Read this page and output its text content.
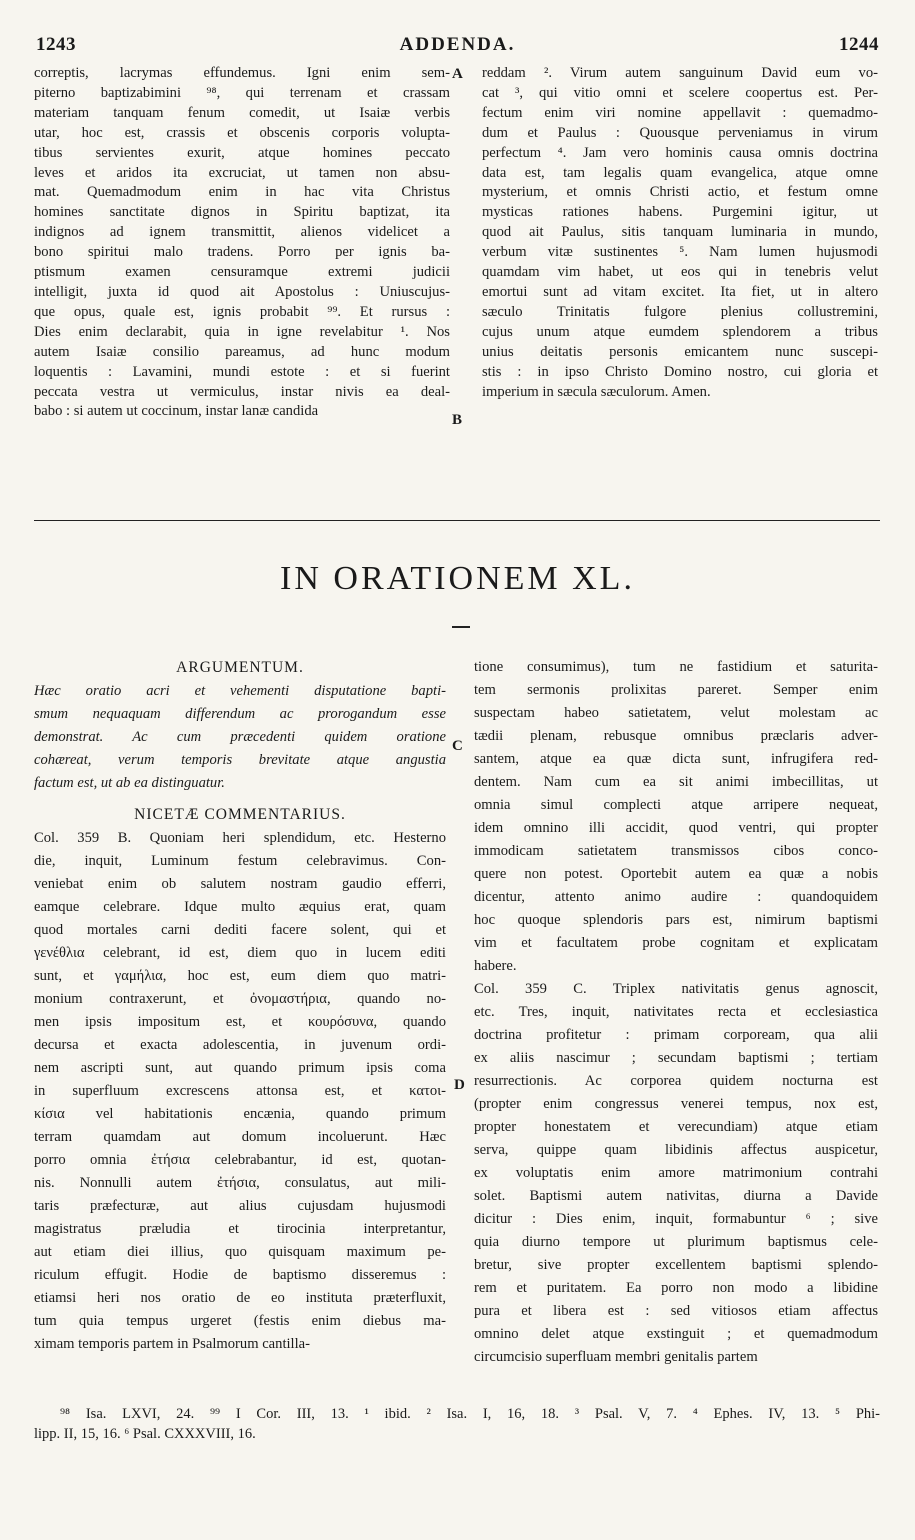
1243	ADDENDA.	1244
correptis, lacrymas effundemus. Igni enim sem-
piterno baptizabimini ⁹⁸, qui terrenam et crassam
materiam tanquam fenum comedit, ut Isaiæ verbis
utar, hoc est, crassis et obscenis corporis volupta-
tibus servientes exurit, atque homines peccato
leves et aridos ita excruciat, ut tamen non absu-
mat. Quemadmodum enim in hac vita Christus
homines sanctitate dignos in Spiritu baptizat, ita
indignos ad ignem transmittit, alienos videlicet a
bono spiritui malo tradens. Porro per ignis ba-
ptismum examen censuramque extremi judicii
intelligit, juxta id quod ait Apostolus : Uniuscujus-
que opus, quale est, ignis probabit ⁹⁹. Et rursus :
Dies enim declarabit, quia in igne revelabitur ¹. Nos
autem Isaiæ consilio pareamus, ad hunc modum
loquentis : Lavamini, mundi estote : et si fuerint
peccata vestra ut vermiculus, instar nivis ea deal-
babo : si autem ut coccinum, instar lanæ candida
reddam ². Virum autem sanguinum David eum vo-
cat ³, qui vitio omni et scelere coopertus est. Per-
fectum enim viri nomine appellavit : quemadmo-
dum et Paulus : Quousque perveniamus in virum
perfectum ⁴. Jam vero hominis causa omnis doctrina
data est, tam legalis quam evangelica, atque omne
mysterium, et omnis Christi actio, et festum omne
mysticas rationes habens. Purgemini igitur, ut
quod ait Paulus, sitis tanquam luminaria in mundo,
verbum vitæ sustinentes ⁵. Nam lumen hujusmodi
quamdam vim habet, ut eos qui in tenebris velut
emortui sunt ad vitam excitet. Ita fiet, ut in altero
sæculo Trinitatis fulgore plenius collustremini,
cujus unum atque eumdem splendorem a tribus
unius deitatis personis emicantem nunc suscepi-
stis : in ipso Christo Domino nostro, cui gloria et
imperium in sæcula sæculorum. Amen.
A
B
IN ORATIONEM XL.
ARGUMENTUM.
Hæc oratio acri et vehementi disputatione bapti-
smum nequaquam differendum ac prorogandum esse
demonstrat. Ac cum præcedenti quidem oratione
cohæreat, verum temporis brevitate atque angustia
factum est, ut ab ea distinguatur.
NICETÆ COMMENTARIUS.
Col. 359 B. Quoniam heri splendidum, etc. Hesterno
die, inquit, Luminum festum celebravimus. Con-
veniebat enim ob salutem nostram gaudio efferri,
eamque celebrare. Idque multo æquius erat, quam
quod mortales carni dediti facere solent, qui et
γενέθλια celebrant, id est, diem quo in lucem editi
sunt, et γαμήλια, hoc est, eum diem quo matri-
monium contraxerunt, et ὀνομαστήρια, quando no-
men ipsis impositum est, et κουρόσυνα, quando
decursa et exacta adolescentia, in juvenum ordi-
nem ascripti sunt, aut quando primum ipsis coma
in superfluum excrescens attonsa est, et κατοι-
κίσια vel habitationis encænia, quando primum
terram quamdam aut domum incoluerunt. Hæc
porro omnia ἐτήσια celebrabantur, id est, quotan-
nis. Nonnulli autem ἐτήσια, consulatus, aut mili-
taris præfecturæ, aut alius cujusdam hujusmodi
magistratus præludia et tirocinia interpretantur,
aut etiam diei illius, quo quisquam maximum pe-
riculum effugit. Hodie de baptismo disseremus :
etiamsi heri nos oratio de eo instituta præterfluxit,
tum quia tempus urgeret (festis enim diebus ma-
ximam temporis partem in Psalmorum cantilla-
C
D
tione consumimus), tum ne fastidium et saturita-
tem sermonis prolixitas pareret. Semper enim
suspectam habeo satietatem, velut molestam ac
tædii plenam, rebusque omnibus præclaris adver-
santem, atque ea quæ dicta sunt, infrugifera red-
dentem. Nam cum ea sit animi imbecillitas, ut
omnia simul complecti atque arripere nequeat,
idem omnino illi accidit, quod ventri, qui propter
immodicam satietatem transmissos cibos conco-
quere non potest. Oportebit autem ea quæ a nobis
dicentur, attento animo audire : quandoquidem
hoc quoque splendoris pars est, nimirum baptismi
vim et facultatem probe cognitam et explicatam
habere.
Col. 359 C. Triplex nativitatis genus agnoscit,
etc. Tres, inquit, nativitates recta et ecclesiastica
doctrina profitetur : primam corpoream, qua alii
ex aliis nascimur ; secundam baptismi ; tertiam
resurrectionis. Ac corporea quidem nocturna est
(propter enim congressus venerei tempus, nox est,
propter honestatem et verecundiam) atque etiam
serva, quippe quam libidinis affectus auspicetur,
ex voluptatis enim amore matrimonium contrahi
solet. Baptismi autem nativitas, diurna a Davide
dicitur : Dies enim, inquit, formabuntur ⁶ ; sive
quia diurno tempore ut plurimum baptismus cele-
bretur, sive propter excellentem baptismi splendo-
rem et puritatem. Ea porro non modo a libidine
pura et libera est : sed vitiosos etiam affectus
omnino delet atque exstinguit ; et quemadmodum
circumcisio superfluam membri genitalis partem
⁹⁸ Isa. LXVI, 24. ⁹⁹ I Cor. III, 13. ¹ ibid. ² Isa. I, 16, 18. ³ Psal. V, 7. ⁴ Ephes. IV, 13. ⁵ Phi-
lipp. II, 15, 16. ⁶ Psal. CXXXVIII, 16.
